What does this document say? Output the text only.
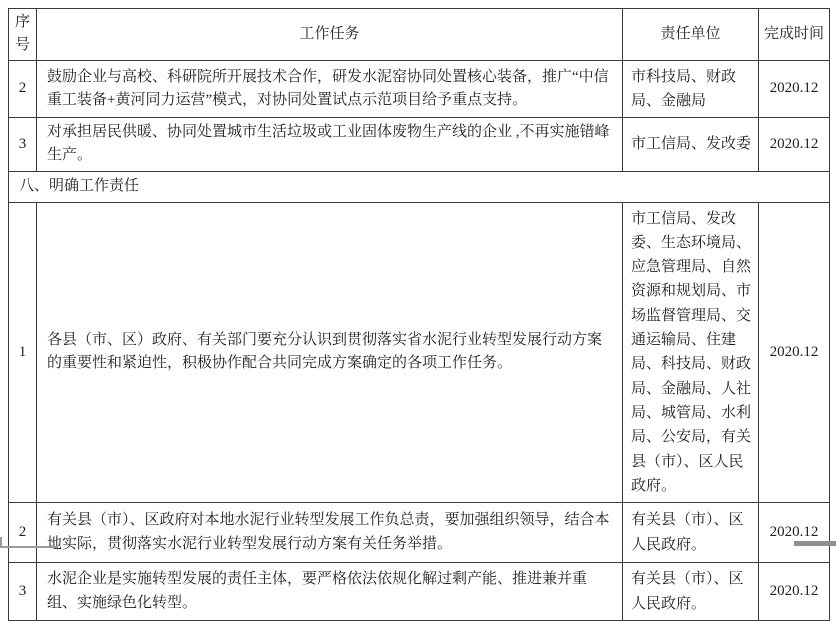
序号	工作任务	责任单位	完成时间
2	鼓励企业与高校、科研院所开展技术合作，研发水泥窑协同处置核心装备，推广“中信重工装备+黄河同力运营”模式，对协同处置试点示范项目给予重点支持。	市科技局、财政局、金融局	2020.12
3	对承担居民供暖、协同处置城市生活垃圾或工业固体废物生产线的企业 ,不再实施错峰生产。	市工信局、发改委	2020.12
八、明确工作责任			
1	各县（市、区）政府、有关部门要充分认识到贯彻落实省水泥行业转型发展行动方案的重要性和紧迫性，积极协作配合共同完成方案确定的各项工作任务。	市工信局、发改委、生态环境局、应急管理局、自然资源和规划局、市场监督管理局、交通运输局、住建局、科技局、财政局、金融局、人社局、城管局、水利局、公安局，有关县（市）、区人民政府。	2020.12
2	有关县（市）、区政府对本地水泥行业转型发展工作负总责，要加强组织领导，结合本地实际，贯彻落实水泥行业转型发展行动方案有关任务举措。	有关县（市）、区人民政府。	2020.12
3	水泥企业是实施转型发展的责任主体，要严格依法依规化解过剩产能、推进兼并重组、实施绿色化转型。	有关县（市）、区人民政府。	2020.12
